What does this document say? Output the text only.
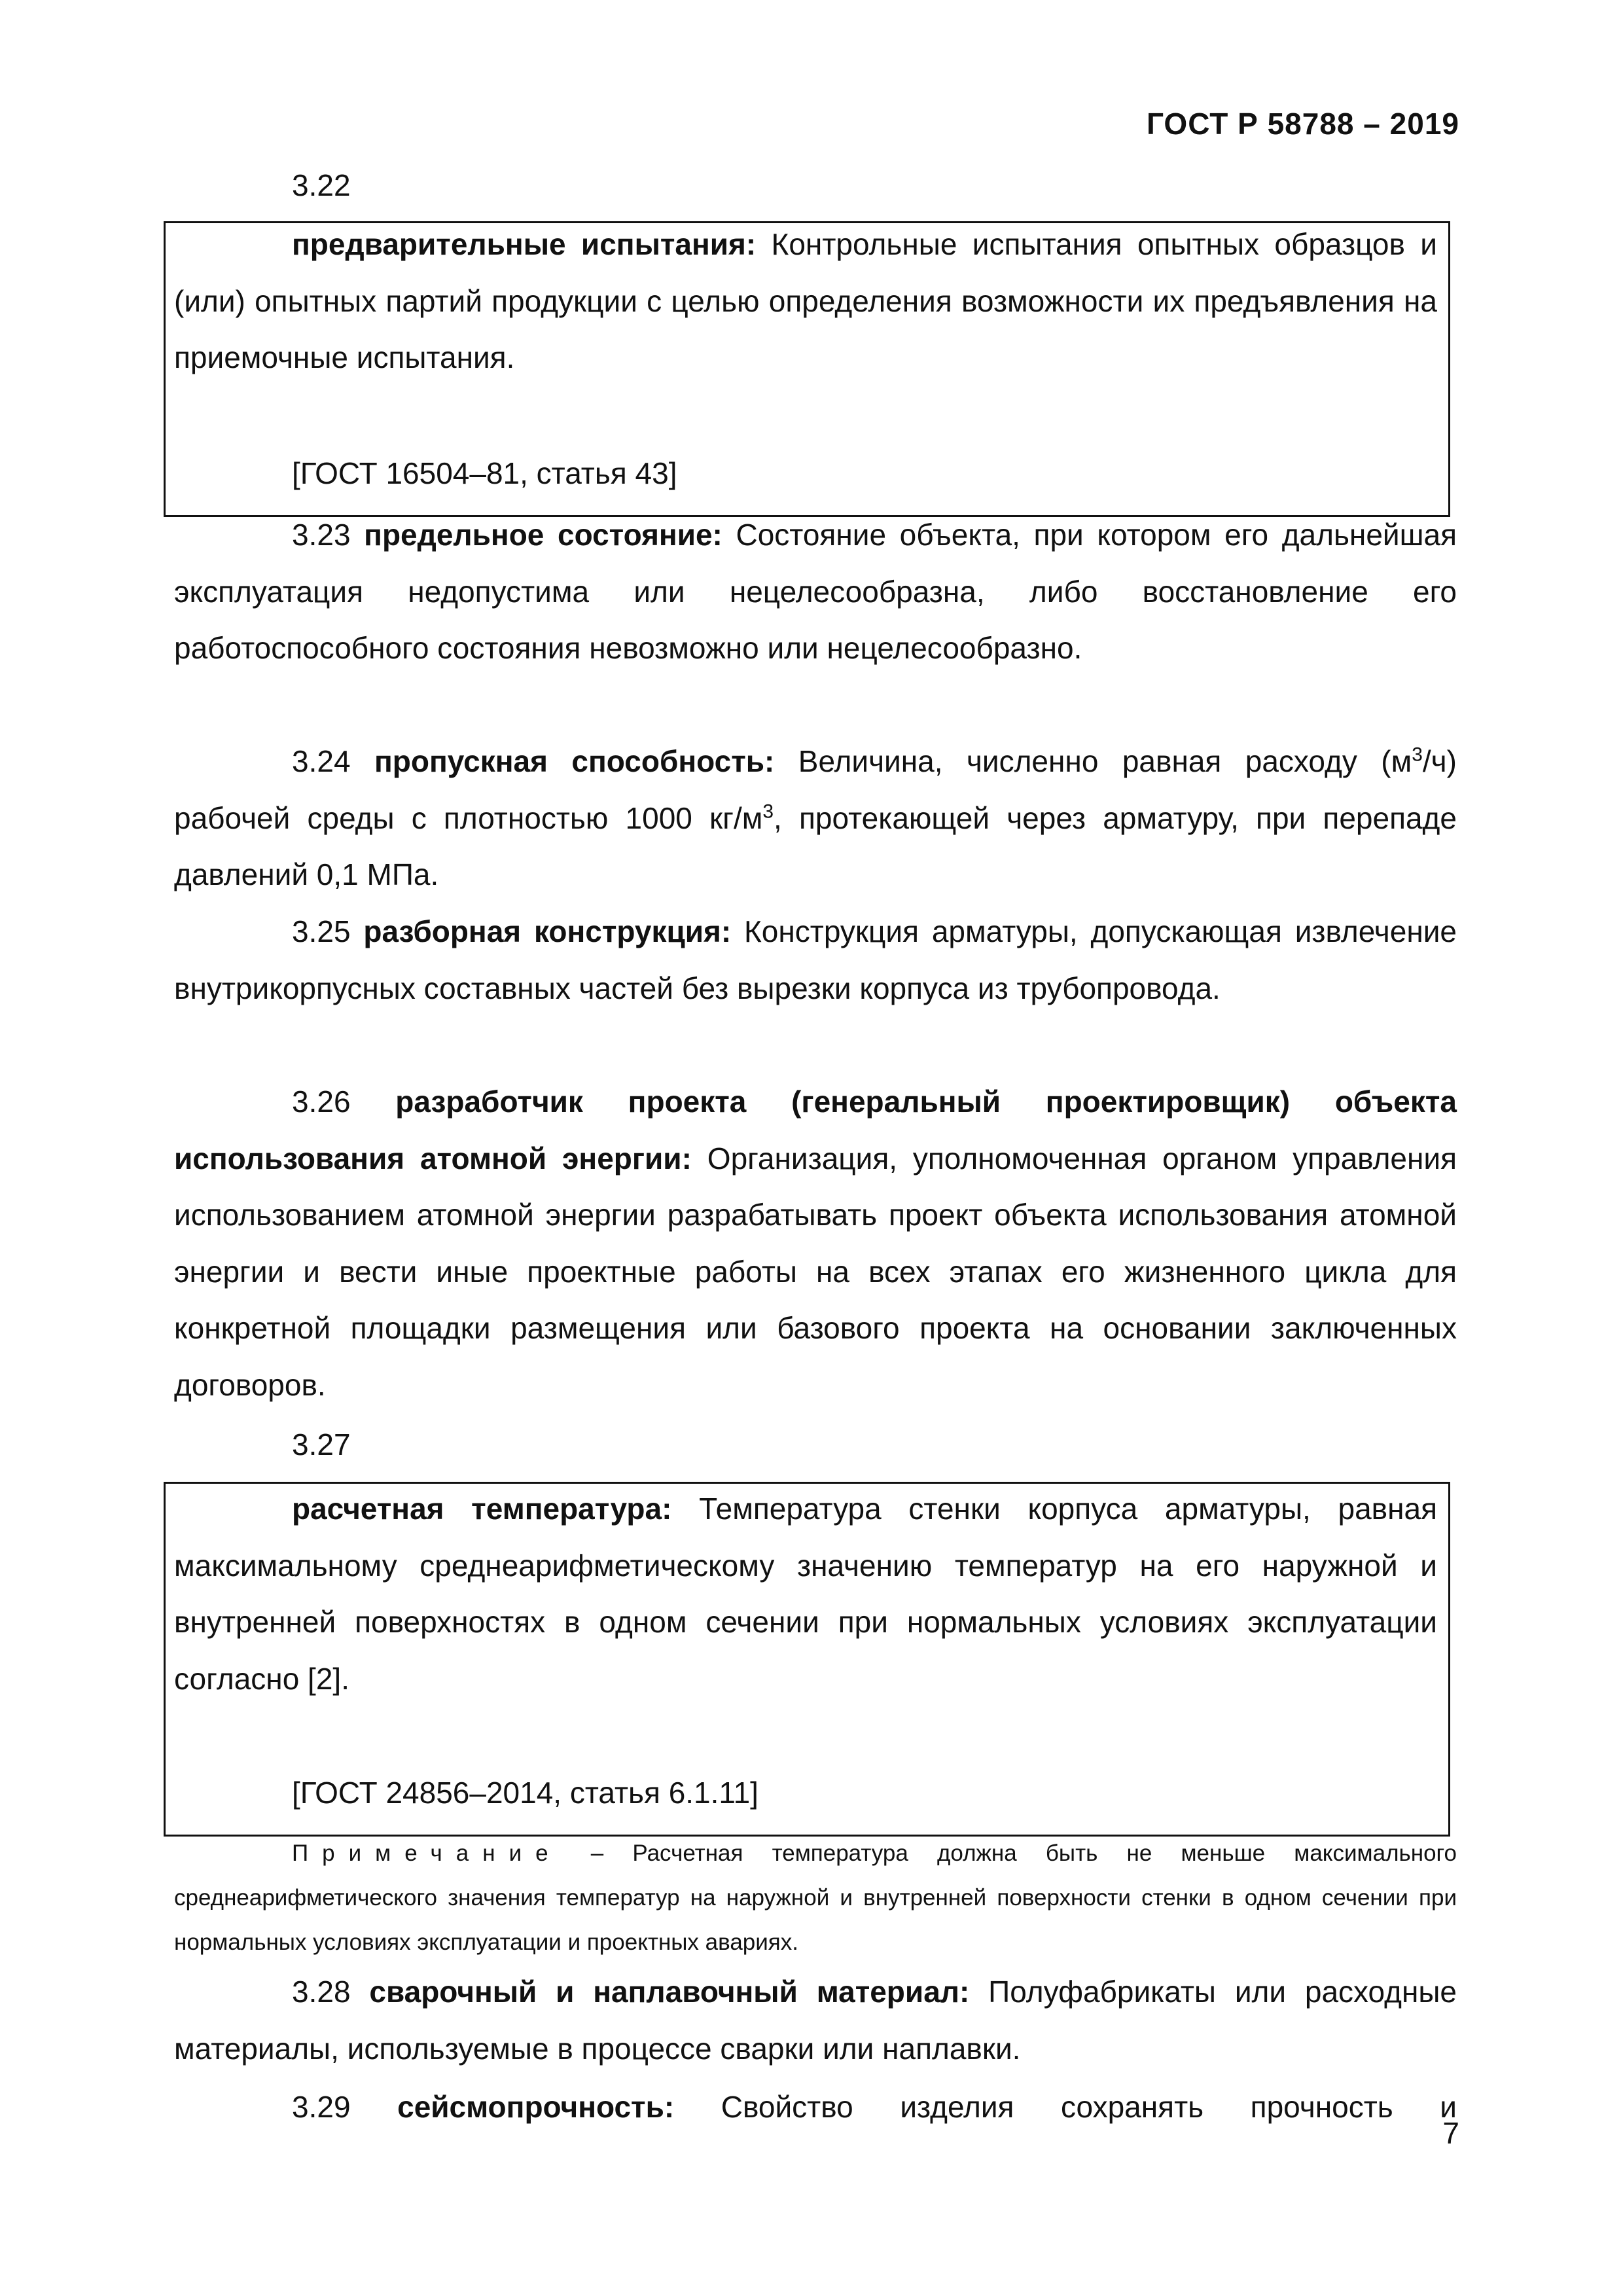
ГОСТ Р 58788 – 2019
3.22

предварительные испытания: Контрольные испытания опытных образцов и (или) опытных партий продукции с целью определения возможности их предъявления на приемочные испытания.

[ГОСТ 16504–81, статья 43]

3.23 предельное состояние: Состояние объекта, при котором его дальнейшая эксплуатация недопустима или нецелесообразна, либо восстановление его работоспособного состояния невозможно или нецелесообразно.

3.24 пропускная способность: Величина, численно равная расходу $(м^3/ч)$ рабочей среды с плотностью 1000 $кг/м^3$, протекающей через арматуру, при перепаде давлений 0,1 МПа.

3.25 разборная конструкция: Конструкция арматуры, допускающая извлечение внутрикорпусных составных частей без вырезки корпуса из трубопровода.

3.26 разработчик проекта (генеральный проектировщик) объекта использования атомной энергии: Организация, уполномоченная органом управления использованием атомной энергии разрабатывать проект объекта использования атомной энергии и вести иные проектные работы на всех этапах его жизненного цикла для конкретной площадки размещения или базового проекта на основании заключенных договоров.

3.27

расчетная температура: Температура стенки корпуса арматуры, равная максимальному среднеарифметическому значению температур на его наружной и внутренней поверхностях в одном сечении при нормальных условиях эксплуатации согласно [2].

[ГОСТ 24856–2014, статья 6.1.11]

Примечание – Расчетная температура должна быть не меньше максимального среднеарифметического значения температур на наружной и внутренней поверхности стенки в одном сечении при нормальных условиях эксплуатации и проектных авариях.

3.28 сварочный и наплавочный материал: Полуфабрикаты или расходные материалы, используемые в процессе сварки или наплавки.

3.29 сейсмопрочность: Свойство изделия сохранять прочность и

7
